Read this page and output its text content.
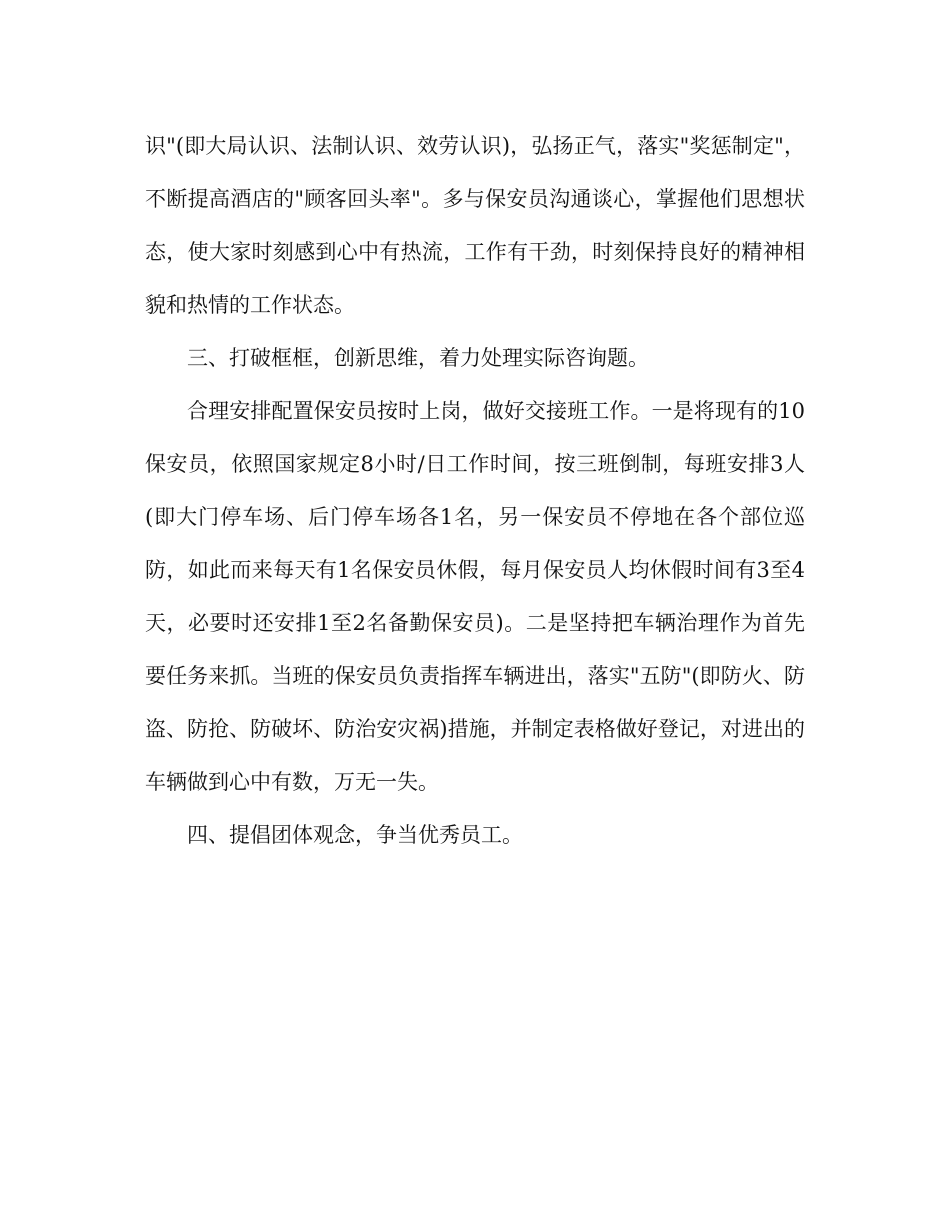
识"(即大局认识、法制认识、效劳认识)，弘扬正气，落实"奖惩制定"，不断提高酒店的"顾客回头率"。多与保安员沟通谈心，掌握他们思想状态，使大家时刻感到心中有热流，工作有干劲，时刻保持良好的精神相貌和热情的工作状态。

三、打破框框，创新思维，着力处理实际咨询题。

合理安排配置保安员按时上岗，做好交接班工作。一是将现有的10保安员，依照国家规定8小时/日工作时间，按三班倒制，每班安排3人(即大门停车场、后门停车场各1名，另一保安员不停地在各个部位巡防，如此而来每天有1名保安员休假，每月保安员人均休假时间有3至4天，必要时还安排1至2名备勤保安员)。二是坚持把车辆治理作为首先要任务来抓。当班的保安员负责指挥车辆进出，落实"五防"(即防火、防盗、防抢、防破坏、防治安灾祸)措施，并制定表格做好登记，对进出的车辆做到心中有数，万无一失。

四、提倡团体观念，争当优秀员工。
